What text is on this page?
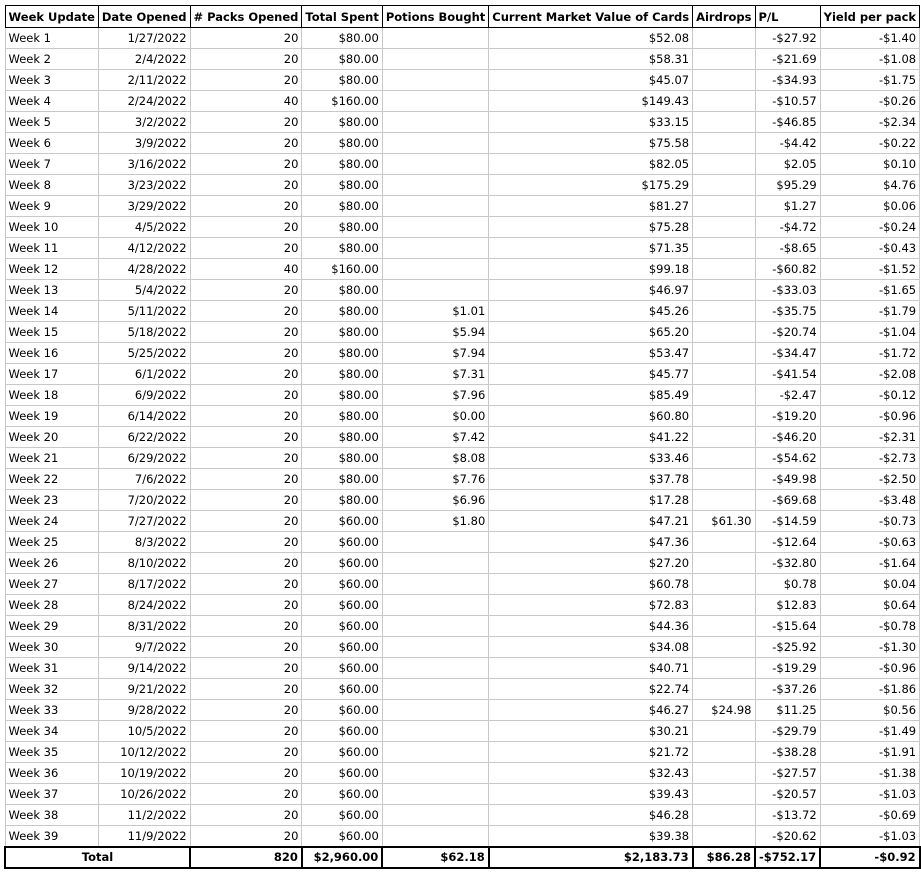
Week Update	Date Opened	# Packs Opened	Total Spent	Potions Bought	Current Market Value of Cards	Airdrops	P/L	Yield per pack
Week 1	1/27/2022	20	$80.00		$52.08		-$27.92	-$1.40
Week 2	2/4/2022	20	$80.00		$58.31		-$21.69	-$1.08
Week 3	2/11/2022	20	$80.00		$45.07		-$34.93	-$1.75
Week 4	2/24/2022	40	$160.00		$149.43		-$10.57	-$0.26
Week 5	3/2/2022	20	$80.00		$33.15		-$46.85	-$2.34
Week 6	3/9/2022	20	$80.00		$75.58		-$4.42	-$0.22
Week 7	3/16/2022	20	$80.00		$82.05		$2.05	$0.10
Week 8	3/23/2022	20	$80.00		$175.29		$95.29	$4.76
Week 9	3/29/2022	20	$80.00		$81.27		$1.27	$0.06
Week 10	4/5/2022	20	$80.00		$75.28		-$4.72	-$0.24
Week 11	4/12/2022	20	$80.00		$71.35		-$8.65	-$0.43
Week 12	4/28/2022	40	$160.00		$99.18		-$60.82	-$1.52
Week 13	5/4/2022	20	$80.00		$46.97		-$33.03	-$1.65
Week 14	5/11/2022	20	$80.00	$1.01	$45.26		-$35.75	-$1.79
Week 15	5/18/2022	20	$80.00	$5.94	$65.20		-$20.74	-$1.04
Week 16	5/25/2022	20	$80.00	$7.94	$53.47		-$34.47	-$1.72
Week 17	6/1/2022	20	$80.00	$7.31	$45.77		-$41.54	-$2.08
Week 18	6/9/2022	20	$80.00	$7.96	$85.49		-$2.47	-$0.12
Week 19	6/14/2022	20	$80.00	$0.00	$60.80		-$19.20	-$0.96
Week 20	6/22/2022	20	$80.00	$7.42	$41.22		-$46.20	-$2.31
Week 21	6/29/2022	20	$80.00	$8.08	$33.46		-$54.62	-$2.73
Week 22	7/6/2022	20	$80.00	$7.76	$37.78		-$49.98	-$2.50
Week 23	7/20/2022	20	$80.00	$6.96	$17.28		-$69.68	-$3.48
Week 24	7/27/2022	20	$60.00	$1.80	$47.21	$61.30	-$14.59	-$0.73
Week 25	8/3/2022	20	$60.00		$47.36		-$12.64	-$0.63
Week 26	8/10/2022	20	$60.00		$27.20		-$32.80	-$1.64
Week 27	8/17/2022	20	$60.00		$60.78		$0.78	$0.04
Week 28	8/24/2022	20	$60.00		$72.83		$12.83	$0.64
Week 29	8/31/2022	20	$60.00		$44.36		-$15.64	-$0.78
Week 30	9/7/2022	20	$60.00		$34.08		-$25.92	-$1.30
Week 31	9/14/2022	20	$60.00		$40.71		-$19.29	-$0.96
Week 32	9/21/2022	20	$60.00		$22.74		-$37.26	-$1.86
Week 33	9/28/2022	20	$60.00		$46.27	$24.98	$11.25	$0.56
Week 34	10/5/2022	20	$60.00		$30.21		-$29.79	-$1.49
Week 35	10/12/2022	20	$60.00		$21.72		-$38.28	-$1.91
Week 36	10/19/2022	20	$60.00		$32.43		-$27.57	-$1.38
Week 37	10/26/2022	20	$60.00		$39.43		-$20.57	-$1.03
Week 38	11/2/2022	20	$60.00		$46.28		-$13.72	-$0.69
Week 39	11/9/2022	20	$60.00		$39.38		-$20.62	-$1.03
Total		820	$2,960.00	$62.18	$2,183.73	$86.28	-$752.17	-$0.92
